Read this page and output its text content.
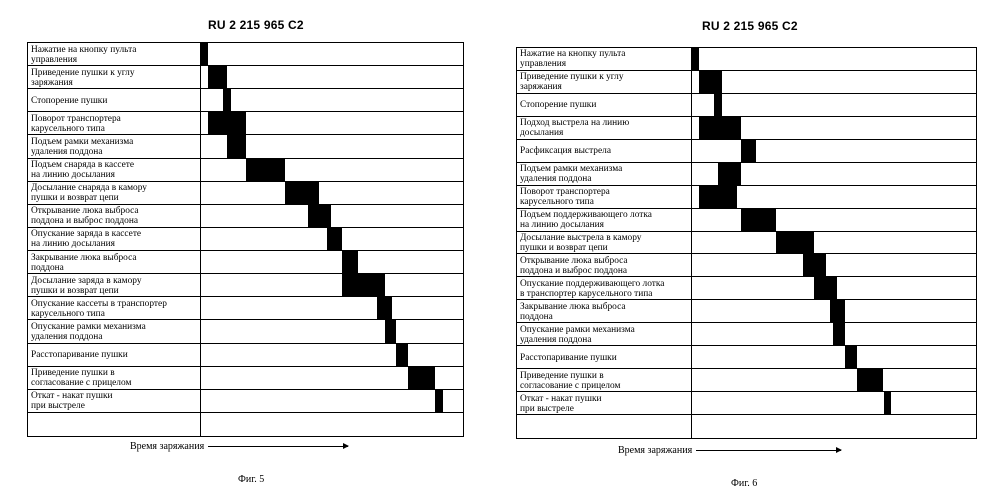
RU 2 215 965 C2
Нажатие на кнопку пульта
управления
Приведение пушки к углу
заряжания
Стопорение пушки
Поворот транспортера
карусельного типа
Подъем рамки механизма
удаления поддона
Подъем снаряда в кассете
на линию досылания
Досылание снаряда в камору
пушки и возврат цепи
Открывание люка выброса
поддона и выброс поддона
Опускание заряда в кассете
на линию досылания
Закрывание люка выброса
поддона
Досылание заряда в камору
пушки и возврат цепи
Опускание кассеты в транспортер
карусельного типа
Опускание рамки механизма
удаления поддона
Расстопаривание пушки
Приведение пушки в
согласование с прицелом
Откат - накат пушки
при выстреле
Время заряжания
Фиг. 5
RU 2 215 965 C2
Нажатие на кнопку пульта
управления
Приведение пушки к углу
заряжания
Стопорение пушки
Подход выстрела на линию
досылания
Расфиксация выстрела
Подъем рамки механизма
удаления поддона
Поворот транспортера
карусельного типа
Подъем поддерживающего лотка
на линию досылания
Досылание выстрела в камору
пушки и возврат цепи
Открывание люка выброса
поддона и выброс поддона
Опускание поддерживающего лотка
в транспортер карусельного типа
Закрывание люка выброса
поддона
Опускание рамки механизма
удаления поддона
Расстопаривание пушки
Приведение пушки в
согласование с прицелом
Откат - накат пушки
при выстреле
Время заряжания
Фиг. 6
